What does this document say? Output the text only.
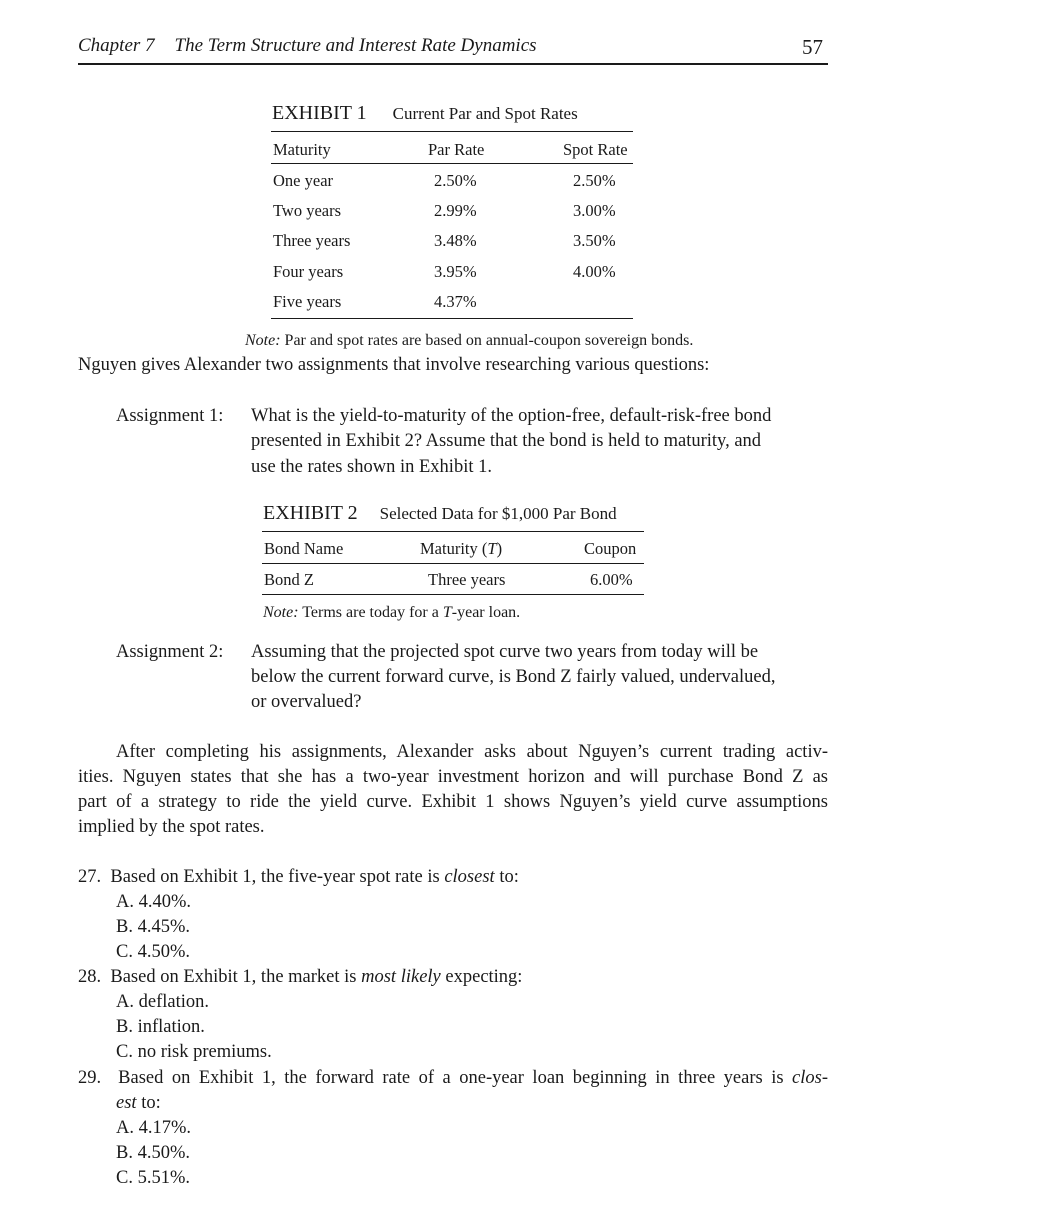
Chapter 7 The Term Structure and Interest Rate Dynamics	57
EXHIBIT 1 Current Par and Spot Rates
Maturity	Par Rate	Spot Rate
One year	2.50%	2.50%
Two years	2.99%	3.00%
Three years	3.48%	3.50%
Four years	3.95%	4.00%
Five years	4.37%
Note: Par and spot rates are based on annual-coupon sovereign bonds.
Nguyen gives Alexander two assignments that involve researching various questions:
Assignment 1: What is the yield-to-maturity of the option-free, default-risk-free bond
presented in Exhibit 2? Assume that the bond is held to maturity, and
use the rates shown in Exhibit 1.
EXHIBIT 2 Selected Data for $1,000 Par Bond
Bond Name	Maturity (T)	Coupon
Bond Z	Three years	6.00%
Note: Terms are today for a T-year loan.
Assignment 2: Assuming that the projected spot curve two years from today will be
below the current forward curve, is Bond Z fairly valued, undervalued,
or overvalued?
After completing his assignments, Alexander asks about Nguyen’s current trading activ-
ities. Nguyen states that she has a two-year investment horizon and will purchase Bond Z as
part of a strategy to ride the yield curve. Exhibit 1 shows Nguyen’s yield curve assumptions
implied by the spot rates.
27. Based on Exhibit 1, the five-year spot rate is closest to:
A. 4.40%.
B. 4.45%.
C. 4.50%.
28. Based on Exhibit 1, the market is most likely expecting:
A. deflation.
B. inflation.
C. no risk premiums.
29. Based on Exhibit 1, the forward rate of a one-year loan beginning in three years is clos-
est to:
A. 4.17%.
B. 4.50%.
C. 5.51%.
